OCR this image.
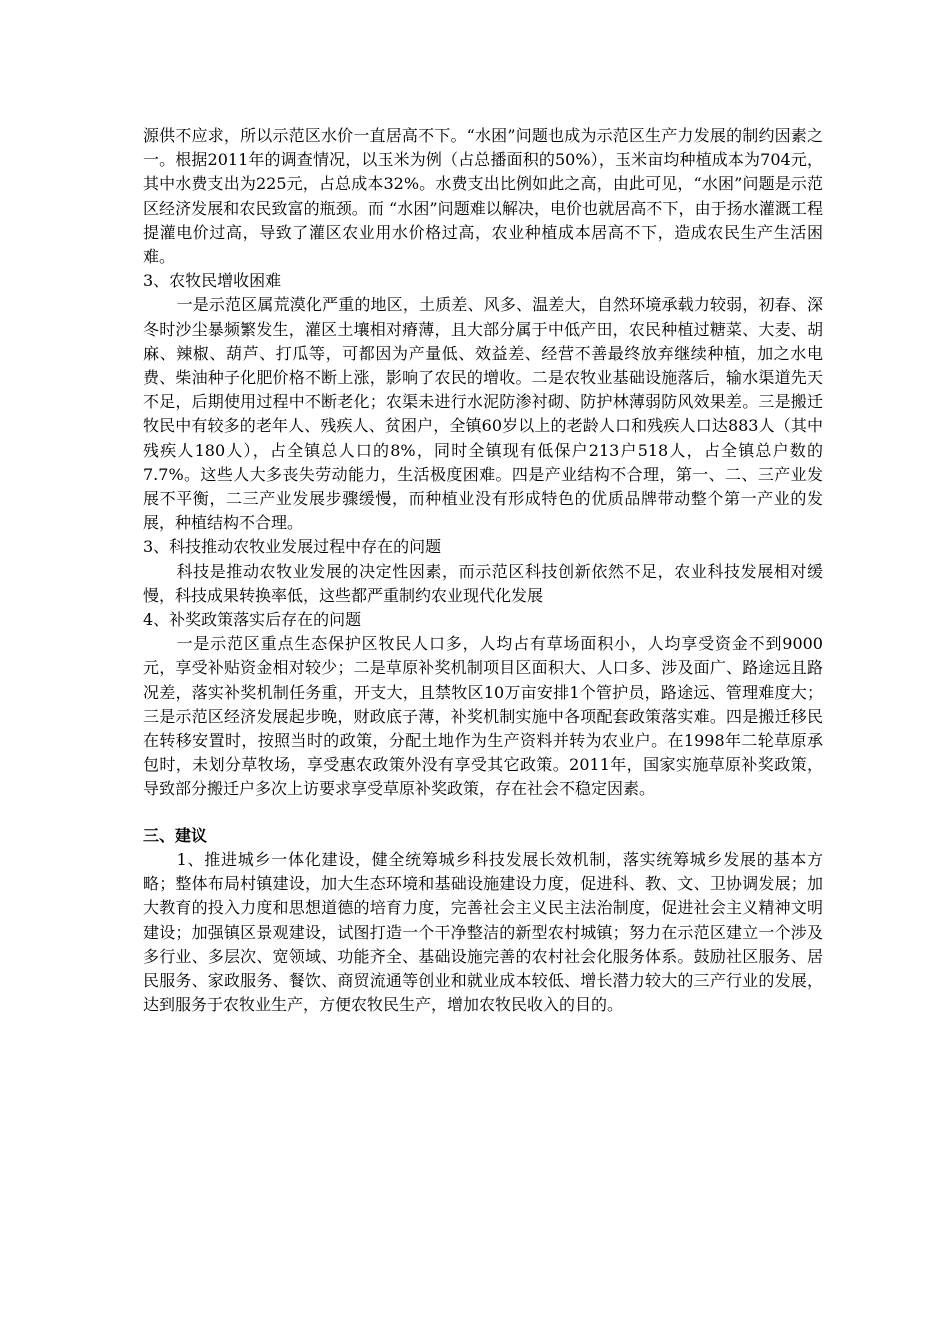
源供不应求，所以示范区水价一直居高不下。“水困”问题也成为示范区生产力发展的制约因素之一。根据2011年的调查情况，以玉米为例（占总播面积的50%），玉米亩均种植成本为704元，其中水费支出为225元，占总成本32%。水费支出比例如此之高，由此可见，“水困”问题是示范区经济发展和农民致富的瓶颈。而 “水困”问题难以解决，电价也就居高不下，由于扬水灌溉工程提灌电价过高，导致了灌区农业用水价格过高，农业种植成本居高不下，造成农民生产生活困难。

3、农牧民增收困难

一是示范区属荒漠化严重的地区，土质差、风多、温差大，自然环境承载力较弱，初春、深冬时沙尘暴频繁发生，灌区土壤相对瘠薄，且大部分属于中低产田，农民种植过糖菜、大麦、胡麻、辣椒、葫芦、打瓜等，可都因为产量低、效益差、经营不善最终放弃继续种植，加之水电费、柴油种子化肥价格不断上涨，影响了农民的增收。二是农牧业基础设施落后，输水渠道先天不足，后期使用过程中不断老化；农渠未进行水泥防渗衬砌、防护林薄弱防风效果差。三是搬迁牧民中有较多的老年人、残疾人、贫困户，全镇60岁以上的老龄人口和残疾人口达883人（其中残疾人180人），占全镇总人口的8%，同时全镇现有低保户213户518人，占全镇总户数的7.7%。这些人大多丧失劳动能力，生活极度困难。四是产业结构不合理，第一、二、三产业发展不平衡，二三产业发展步骤缓慢，而种植业没有形成特色的优质品牌带动整个第一产业的发展，种植结构不合理。

3、科技推动农牧业发展过程中存在的问题

科技是推动农牧业发展的决定性因素，而示范区科技创新依然不足，农业科技发展相对缓慢，科技成果转换率低，这些都严重制约农业现代化发展

4、补奖政策落实后存在的问题

一是示范区重点生态保护区牧民人口多，人均占有草场面积小，人均享受资金不到9000元，享受补贴资金相对较少；二是草原补奖机制项目区面积大、人口多、涉及面广、路途远且路况差，落实补奖机制任务重，开支大，且禁牧区10万亩安排1个管护员，路途远、管理难度大；三是示范区经济发展起步晚，财政底子薄，补奖机制实施中各项配套政策落实难。四是搬迁移民在转移安置时，按照当时的政策，分配土地作为生产资料并转为农业户。在1998年二轮草原承包时，未划分草牧场，享受惠农政策外没有享受其它政策。2011年，国家实施草原补奖政策，导致部分搬迁户多次上访要求享受草原补奖政策，存在社会不稳定因素。

三、建议

1、推进城乡一体化建设，健全统筹城乡科技发展长效机制，落实统筹城乡发展的基本方略；整体布局村镇建设，加大生态环境和基础设施建设力度，促进科、教、文、卫协调发展；加大教育的投入力度和思想道德的培育力度，完善社会主义民主法治制度，促进社会主义精神文明建设；加强镇区景观建设，试图打造一个干净整洁的新型农村城镇；努力在示范区建立一个涉及多行业、多层次、宽领域、功能齐全、基础设施完善的农村社会化服务体系。鼓励社区服务、居民服务、家政服务、餐饮、商贸流通等创业和就业成本较低、增长潜力较大的三产行业的发展，达到服务于农牧业生产，方便农牧民生产，增加农牧民收入的目的。
